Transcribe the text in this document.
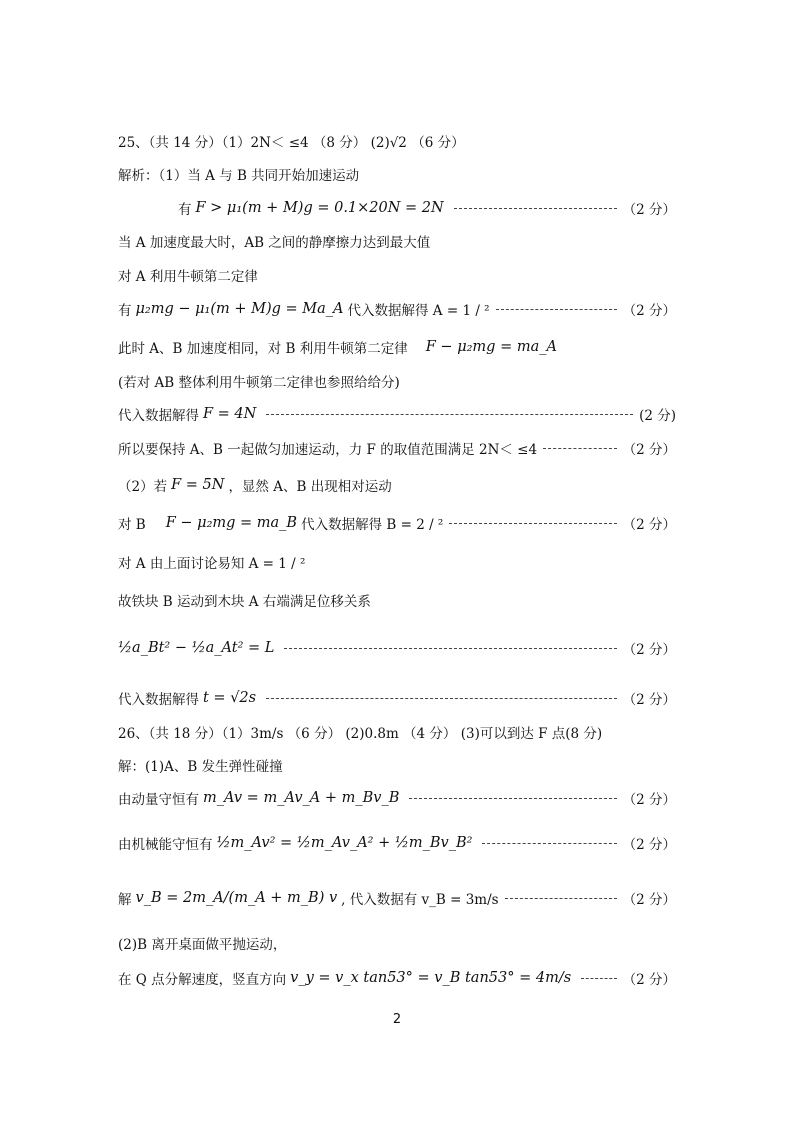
25、（共 14 分）（1）2N＜ ≤4 （8 分） (2)√2 （6 分）
解析：（1）当 A 与 B 共同开始加速运动
有 F > μ₁(m + M)g = 0.1×20N = 2N	（2 分）
当 A 加速度最大时，AB 之间的静摩擦力达到最大值
对 A 利用牛顿第二定律
有 μ₂mg − μ₁(m + M)g = Ma_A 代入数据解得 A = 1 / ²	（2 分）
此时 A、B 加速度相同，对 B 利用牛顿第二定律 F − μ₂mg = ma_A
(若对 AB 整体利用牛顿第二定律也参照给给分)
代入数据解得 F = 4N	(2 分)
所以要保持 A、B 一起做匀加速运动，力 F 的取值范围满足 2N＜ ≤4	（2 分）
（2）若 F = 5N ，显然 A、B 出现相对运动
对 B F − μ₂mg = ma_B 代入数据解得 B = 2 / ²	（2 分）
对 A 由上面讨论易知 A = 1 / ²
故铁块 B 运动到木块 A 右端满足位移关系
½a_Bt² − ½a_At² = L	（2 分）
代入数据解得 t = √2s	（2 分）
26、（共 18 分）（1）3m/s （6 分） (2)0.8m （4 分） (3)可以到达 F 点(8 分)
解：(1)A、B 发生弹性碰撞
由动量守恒有 m_Av = m_Av_A + m_Bv_B	（2 分）
由机械能守恒有 ½m_Av² = ½m_Av_A² + ½m_Bv_B²	（2 分）
解 v_B = 2m_A/(m_A + m_B) v , 代入数据有 v_B = 3m/s	（2 分）
(2)B 离开桌面做平抛运动，
在 Q 点分解速度，竖直方向 v_y = v_x tan53° = v_B tan53° = 4m/s	（2 分）
2
